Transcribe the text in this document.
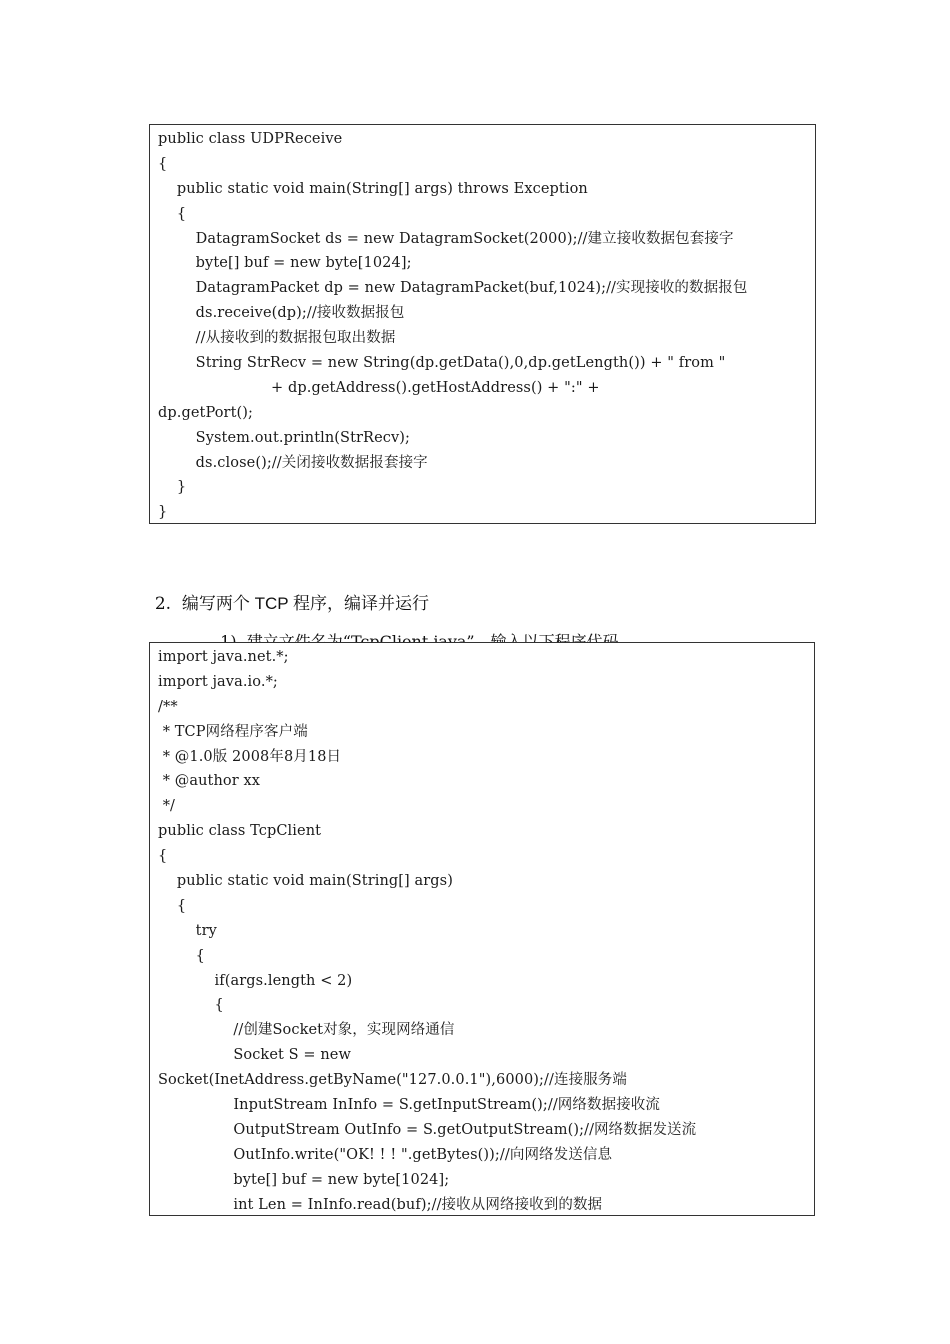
public class UDPReceive
{
public static void main(String[] args) throws Exception
{
DatagramSocket ds = new DatagramSocket(2000);//建立接收数据包套接字
byte[] buf = new byte[1024];
DatagramPacket dp = new DatagramPacket(buf,1024);//实现接收的数据报包
ds.receive(dp);//接收数据报包
//从接收到的数据报包取出数据
String StrRecv = new String(dp.getData(),0,dp.getLength()) + " from "
+ dp.getAddress().getHostAddress() + ":" +
dp.getPort();
System.out.println(StrRecv);
ds.close();//关闭接收数据报套接字
}
}

2. 编写两个 TCP 程序，编译并运行

import java.net.*;
import java.io.*;
/**
* TCP网络程序客户端
* @1.0版 2008年8月18日
* @author xx
*/
public class TcpClient
{
public static void main(String[] args)
{
try
{
if(args.length < 2)
{
//创建Socket对象，实现网络通信
Socket S = new
Socket(InetAddress.getByName("127.0.0.1"),6000);//连接服务端
InputStream InInfo = S.getInputStream();//网络数据接收流
OutputStream OutInfo = S.getOutputStream();//网络数据发送流
OutInfo.write("OK! ! ! ".getBytes());//向网络发送信息
byte[] buf = new byte[1024];
int Len = InInfo.read(buf);//接收从网络接收到的数据
